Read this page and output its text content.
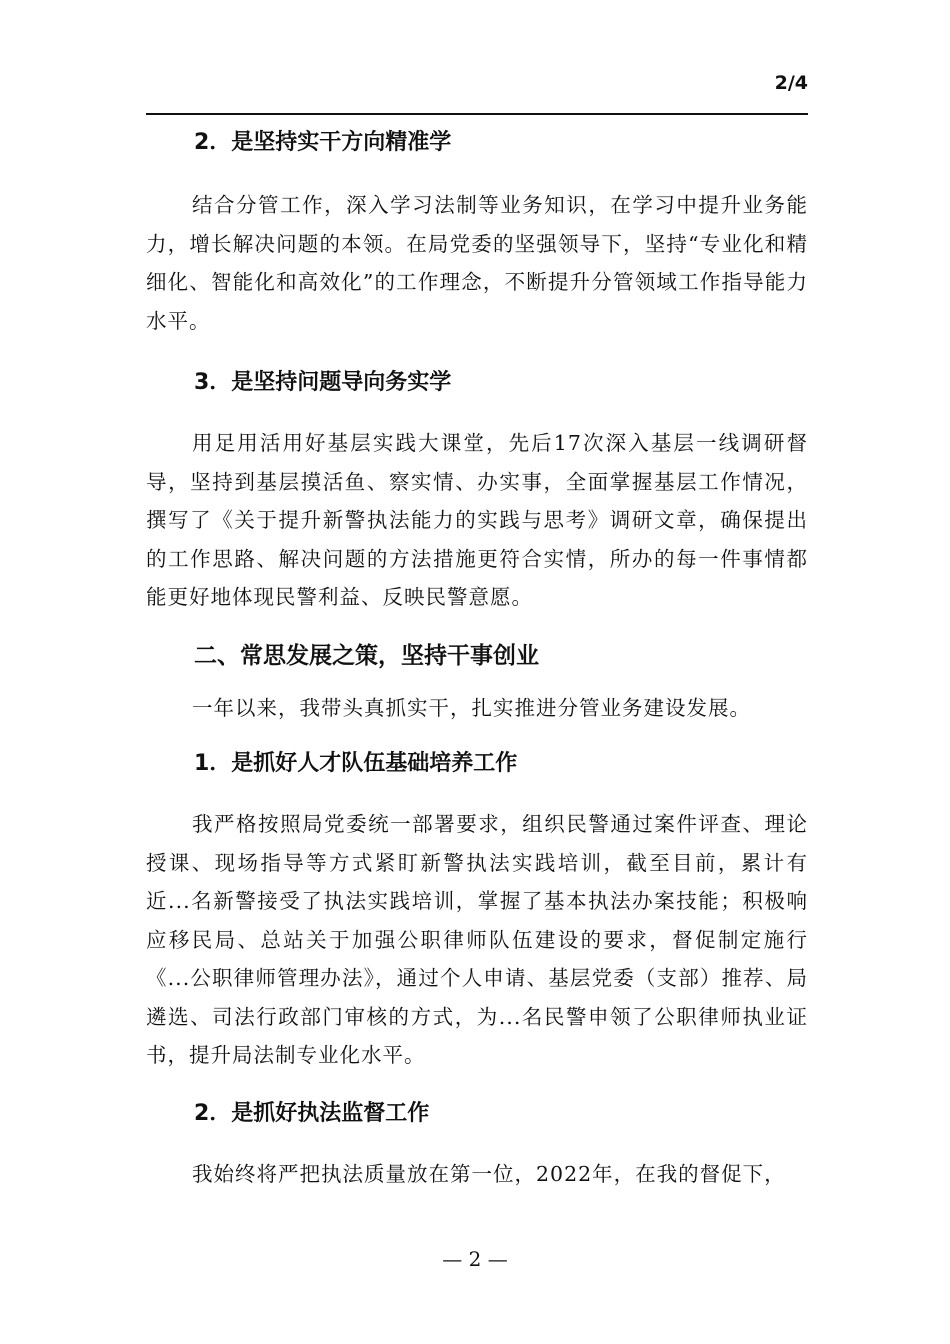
2/4
2．是坚持实干方向精准学

结合分管工作，深入学习法制等业务知识，在学习中提升业务能力，增长解决问题的本领。在局党委的坚强领导下，坚持“专业化和精细化、智能化和高效化”的工作理念，不断提升分管领域工作指导能力水平。

3．是坚持问题导向务实学

用足用活用好基层实践大课堂，先后17次深入基层一线调研督导，坚持到基层摸活鱼、察实情、办实事，全面掌握基层工作情况，撰写了《关于提升新警执法能力的实践与思考》调研文章，确保提出的工作思路、解决问题的方法措施更符合实情，所办的每一件事情都能更好地体现民警利益、反映民警意愿。

二、常思发展之策，坚持干事创业

一年以来，我带头真抓实干，扎实推进分管业务建设发展。

1．是抓好人才队伍基础培养工作

我严格按照局党委统一部署要求，组织民警通过案件评查、理论授课、现场指导等方式紧盯新警执法实践培训，截至目前，累计有近...名新警接受了执法实践培训，掌握了基本执法办案技能；积极响应移民局、总站关于加强公职律师队伍建设的要求，督促制定施行《...公职律师管理办法》，通过个人申请、基层党委（支部）推荐、局遴选、司法行政部门审核的方式，为...名民警申领了公职律师执业证书，提升局法制专业化水平。

2．是抓好执法监督工作

我始终将严把执法质量放在第一位，2022年，在我的督促下，

— 2 —
